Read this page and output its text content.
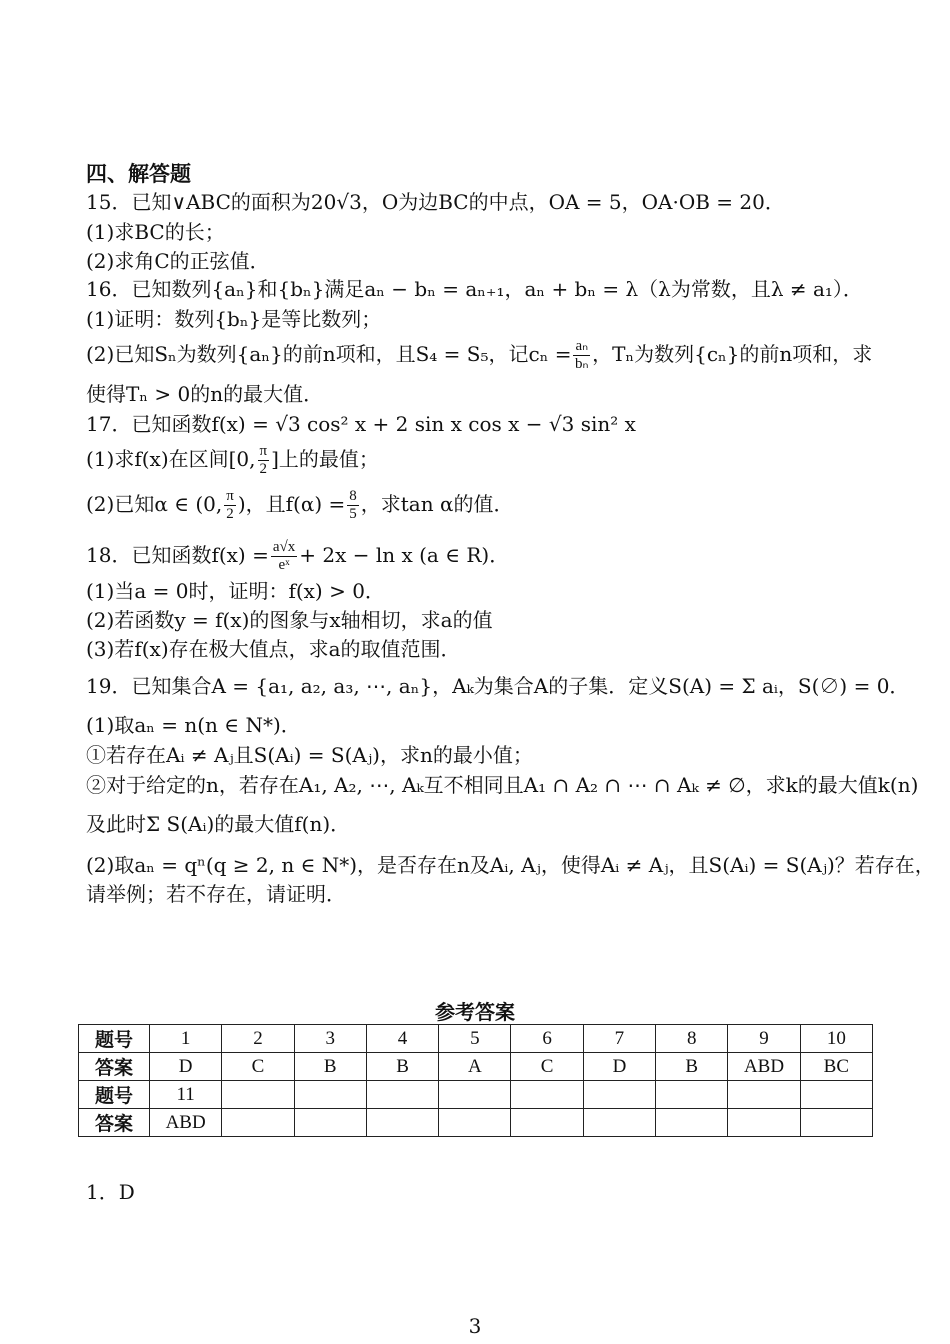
四、解答题
15．已知∨ABC的面积为20√3，O为边BC的中点，OA = 5，OA·OB = 20．
(1)求BC的长；
(2)求角C的正弦值．
16．已知数列{aₙ}和{bₙ}满足aₙ − bₙ = aₙ₊₁，aₙ + bₙ = λ（λ为常数，且λ ≠ a₁）．
(1)证明：数列{bₙ}是等比数列；
(2)已知Sₙ为数列{aₙ}的前n项和，且S₄ = S₅，记$c_n = \frac{\text{aₙ}}{\text{bₙ}}$ ，Tₙ为数列{cₙ}的前n项和，求
使得Tₙ > 0的n的最大值．
17．已知函数f(x) = √3 cos² x + 2 sin x cos x − √3 sin² x
(1)求f(x)在区间[0, $\frac{\pi}{2}$ ]上的最值；
(2)已知α ∈ (0, $\frac{\pi}{2}$ )，且$f(\alpha) = \frac{8}{5}$ ，求tan α的值．
18．已知函数$f(x) = \frac{a√x}{\text{eˣ}} + 2x - \ln x$ (a ∈ R)．
(1)当a = 0时，证明：f(x) > 0．
(2)若函数y = f(x)的图象与x轴相切，求a的值
(3)若f(x)存在极大值点，求a的取值范围．
19．已知集合A = {a₁, a₂, a₃, ⋯, aₙ}，Aₖ为集合A的子集．定义S(A) = Σ aᵢ，S(∅) = 0．
(1)取aₙ = n(n ∈ N*)．
①若存在Aᵢ ≠ Aⱼ且S(Aᵢ) = S(Aⱼ)，求n的最小值；
②对于给定的n，若存在A₁, A₂, ⋯, Aₖ互不相同且A₁ ∩ A₂ ∩ ⋯ ∩ Aₖ ≠ ∅，求k的最大值k(n)
及此时Σ S(Aᵢ)的最大值f(n)．
(2)取aₙ = qⁿ(q ≥ 2, n ∈ N*)，是否存在n及Aᵢ, Aⱼ，使得Aᵢ ≠ Aⱼ，且S(Aᵢ) = S(Aⱼ)？若存在，
请举例；若不存在，请证明．
参考答案
题号	1	2	3	4	5	6	7	8	9	10
答案	D	C	B	B	A	C	D	B	ABD	BC
题号	11									
答案	ABD									
1．D
3
